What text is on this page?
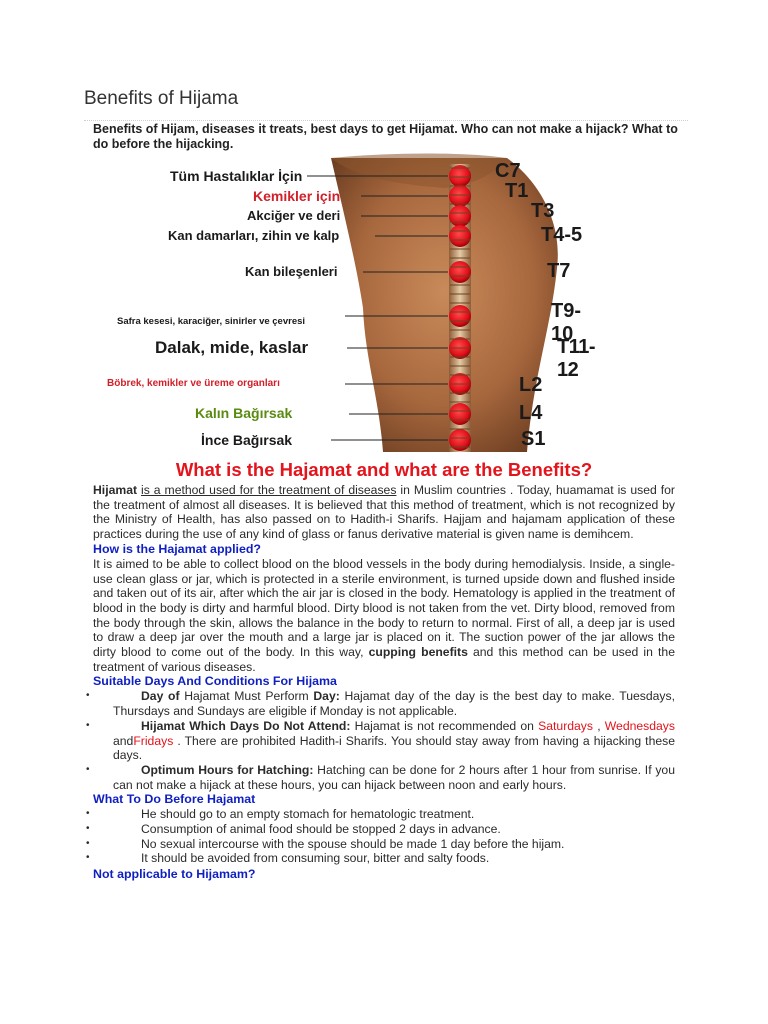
Benefits of Hijama

Benefits of Hijam, diseases it treats, best days to get Hijamat. Who can not make a hijack? What to do before the hijacking.

Tüm Hastalıklar İçin
Kemikler için
Akciğer ve deri
Kan damarları, zihin ve kalp
Kan bileşenleri
Safra kesesi, karaciğer, sinirler ve çevresi
Dalak, mide, kaslar
Böbrek, kemikler ve üreme organları
Kalın Bağırsak
İnce Bağırsak
C7
T1
T3
T4-5
T7
T9-10
T11-12
L2
L4
S1
What is the Hajamat and what are the Benefits?

Hijamat is a method used for the treatment of diseases in Muslim countries . Today, huamamat is used for the treatment of almost all diseases. It is believed that this method of treatment, which is not recognized by the Ministry of Health, has also passed on to Hadith-i Sharifs. Hajjam and hajamam application of these practices during the use of any kind of glass or fanus derivative material is given name is demihcem.

How is the Hajamat applied?

It is aimed to be able to collect blood on the blood vessels in the body during hemodialysis. Inside, a single-use clean glass or jar, which is protected in a sterile environment, is turned upside down and flushed inside and taken out of its air, after which the air jar is closed in the body. Hematology is applied in the treatment of blood in the body is dirty and harmful blood. Dirty blood is not taken from the vet. Dirty blood, removed from the body through the skin, allows the balance in the body to return to normal. First of all, a deep jar is used to draw a deep jar over the mouth and a large jar is placed on it. The suction power of the jar allows the dirty blood to come out of the body. In this way, cupping benefits and this method can be used in the treatment of various diseases.

Suitable Days And Conditions For Hijama

•	Day of Hajamat Must Perform Day: Hajamat day of the day is the best day to make. Tuesdays, Thursdays and Sundays are eligible if Monday is not applicable.

•	Hijamat Which Days Do Not Attend: Hajamat is not recommended on Saturdays , Wednesdays andFridays . There are prohibited Hadith-i Sharifs. You should stay away from having a hijacking these days.

•	Optimum Hours for Hatching: Hatching can be done for 2 hours after 1 hour from sunrise. If you can not make a hijack at these hours, you can hijack between noon and early hours.

What To Do Before Hajamat

•	He should go to an empty stomach for hematologic treatment.

•	Consumption of animal food should be stopped 2 days in advance.

•	No sexual intercourse with the spouse should be made 1 day before the hijam.

•	It should be avoided from consuming sour, bitter and salty foods.

Not applicable to Hijamam?
